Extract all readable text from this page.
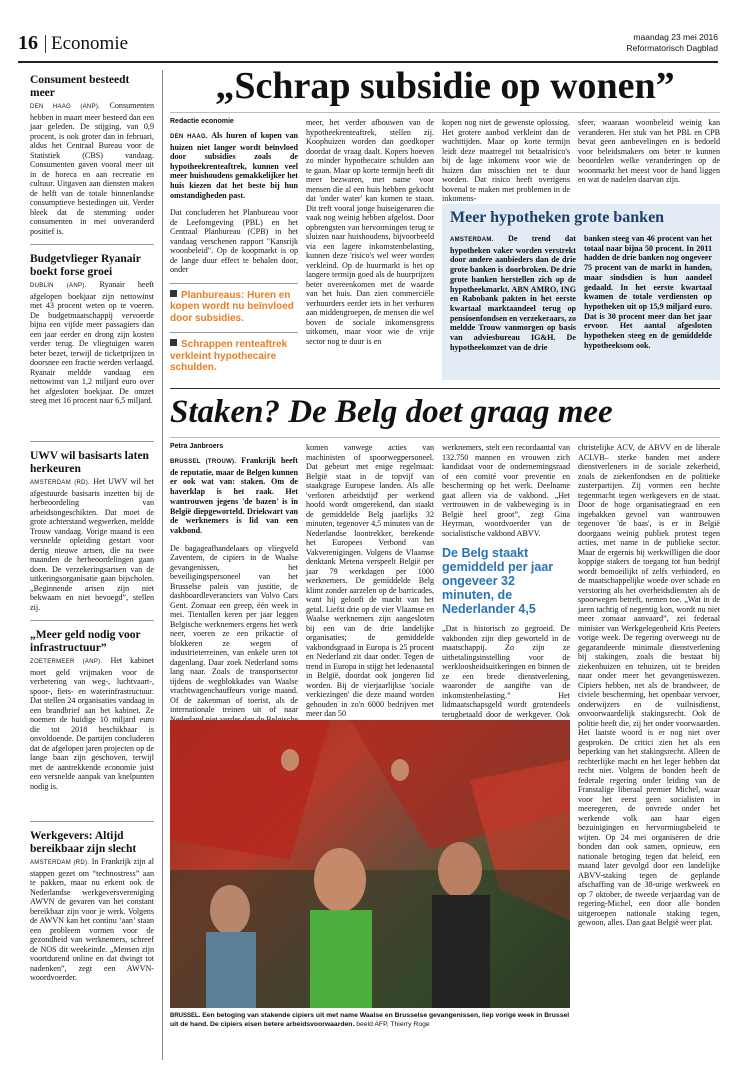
16 Economie	maandag 23 mei 2016
Reformatorisch Dagblad
Consument besteedt meer
DEN HAAG (ANP). Consumenten hebben in maart meer besteed dan een jaar geleden. De stijging, van 0,9 procent, is ook groter dan in februari, aldus het Centraal Bureau voor de Statistiek (CBS) vandaag. Consumenten gaven vooral meer uit in de horeca en aan recreatie en cultuur. Uitgaven aan diensten maken de helft van de totale binnenlandse consumptieve bestedingen uit. Verder bleek dat de stemming onder consumenten in mei onveranderd positief is.
Budgetvlieger Ryanair boekt forse groei
DUBLIN (ANP). Ryanair heeft afgelopen boekjaar zijn nettowinst met 43 procent weten op te voeren. De budgetmaatschappij vervoerde bijna een vijfde meer passagiers dan een jaar eerder en drong zijn kosten verder terug. De vliegtuigen waren beter bezet, terwijl de ticketprijzen in doorsnee een fractie werden verlaagd. Ryanair meldde vandaag een nettowinst van 1,2 miljard euro over het afgesloten boekjaar. De omzet steeg met 16 procent naar 6,5 miljard.
UWV wil basisarts laten herkeuren
AMSTERDAM (RD). Het UWV wil het afgestuurde basisarts inzetten bij de herbeoordeling van arbeidsongeschikten. Dat moet de grote achterstand wegwerken, meldde Trouw vandaag. Vorige maand is een versnelde opleiding gestart voor dertig nieuwe artsen, die na twee maanden de herbeoordelingen gaan doen. De verzekeringsartsen van de uitkeringsorganisatie gaan bijscholen. „Beginnende artsen zijn niet bekwaam en niet bevoegd”, stellen zij.
„Meer geld nodig voor infrastructuur”
ZOETERMEER (ANP). Het kabinet moet geld vrijmaken voor de verbetering van weg-, luchtvaart-, spoor-, fiets- en waterinfrastructuur. Dat stellen 24 organisaties vandaag in een brandbrief aan het kabinet. Ze noemen de huidige 10 miljard euro die tot 2018 beschikbaar is onvoldoende. De partijen concluderen dat de afgelopen jaren projecten op de lange baan zijn geschoven, terwijl met de aantrekkende economie juist een versnelde aanpak van knelpunten nodig is.
Werkgevers: Altijd bereikbaar zijn slecht
AMSTERDAM (RD). In Frankrijk zijn al stappen gezet om “technostress” aan te pakken, maar nu erkent ook de Nederlandse werkgeversvereniging AWVN de gevaren van het constant bereikbaar zijn voor je werk. Volgens de AWVN kan het continu ‘aan’ staan een probleem vormen voor de gezondheid van werknemers, schreef de NOS dit weekeinde. „Mensen zijn voortdurend online en dat dwingt tot nadenken”, zegt een AWVN-woordvoerder.
„Schrap subsidie op wonen”
Redactie economie
DEN HAAG. Als huren of kopen van huizen niet langer wordt beïnvloed door subsidies zoals de hypotheekrenteaftrek, kunnen veel meer huishoudens gemakkelijker het huis kiezen dat het beste bij hun omstandigheden past.
Dat concluderen het Planbureau voor de Leefomgeving (PBL) en het Centraal Planbureau (CPB) in het vandaag verschenen rapport "Kansrijk woonbeleid". Op de koopmarkt is op de lange duur effect te behalen door, onder
Planbureaus: Huren en kopen wordt nu beïnvloed door subsidies.
Schrappen renteaftrek verkleint hypothecaire schulden.
meer, het verder afbouwen van de hypotheekrenteaftrek, stellen zij. Koophuizen worden dan goedkoper doordat de vraag daalt. Kopers hoeven zo minder hypothecaire schulden aan te gaan. Maar op korte termijn heeft dit meer bezwaren, met name voor mensen die al een huis hebben gekocht dat 'onder water' kan komen te staan. Dit treft vooral jonge huiseigenaren die vaak nog weinig hebben afgelost. Door opbrengsten van hervormingen terug te sluizen naar huishoudens, bijvoorbeeld via een lagere inkomstenbelasting, kunnen deze 'risico's wel weer worden verkleind. Op de huurmarkt is het op langere termijn goed als de huurprijzen beter overeenkomen met de waarde van het huis. Dan zien commerciële verhuurders eerder iets in het verhuren aan middengroepen, de mensen die wel boven de sociale inkomensgrens uitkomen, maar voor wie de vrije sector nog te duur is en
kopen nog niet de gewenste oplossing. Het grotere aanbod verkleint dan de wachttijden. Maar op korte termijn leidt deze maatregel tot betaalrisico's bij de lage inkomens voor wie de huizen dan misschien net te duur worden. Dat risico heeft overigens bovenal te maken met problemen in de inkomens-
sfeer, waaraan woonbeleid weinig kan veranderen. Het stuk van het PBL en CPB bevat geen aanbevelingen en is bedoeld voor beleidsmakers om beter te kunnen beoordelen welke veranderingen op de woonmarkt het meest voor de hand liggen en wat de nadelen daarvan zijn.
Meer hypotheken grote banken
AMSTERDAM. De trend dat hypotheken vaker worden verstrekt door andere aanbieders dan de drie grote banken is doorbroken. De drie grote banken herstellen zich op de hypotheekmarkt. ABN AMRO, ING en Rabobank pakten in het eerste kwartaal marktaandeel terug op pensioenfondsen en verzekeraars, zo meldde Trouw vanmorgen op basis van adviesbureau IG&H. De hypotheekomzet van de drie
banken steeg van 46 procent van het totaal naar bijna 50 procent. In 2011 hadden de drie banken nog ongeveer 75 procent van de markt in handen, maar sindsdien is hun aandeel gedaald. In het eerste kwartaal kwamen de totale verdiensten op hypotheken uit op 15,9 miljard euro. Dat is 30 procent meer dan het jaar ervoor. Het aantal afgesloten hypotheken steeg en de gemiddelde hypotheeksom ook.
Staken? De Belg doet graag mee
Petra Janbroers
BRUSSEL (TROUW). Frankrijk heeft de reputatie, maar de Belgen kunnen er ook wat van: staken. Om de haverklap is het raak. Het wantrouwen jegens 'de bazen' is in België diepgeworteld. Driekwart van de werknemers is lid van een vakbond.
De bagageafhandelaars op vliegveld Zaventem, de cipiers in de Waalse gevangenissen, het beveiligingspersoneel van het Brusselse paleis van justitie, de dashboardleveranciers van Volvo Cars Gent. Zomaar een greep, één week in mei. Tientallen keren per jaar leggen Belgische werknemers ergens het werk neer, voeren ze een prikactie of blokkeren ze wegen of industrieterreinen, van enkele uren tot dagenlang. Daar zoek Nederland soms lang naar. Zoals de transportsector tijdens de wegblokkades van Waalse vrachtwagenchauffeurs vorige maand. Of de zakenman of toerist, als de internationale treinen uit of naar
komen vanwege acties van machinisten of spoorwegpersoneel. Dat gebeurt met enige regelmaat: België staat in de topvijf van staakgrage Europese landen. Als alle 'verloren arbeidstijd' per werkend hoofd wordt omgerekend, dan staakt de gemiddelde Belg jaarlijks 32 minuten, tegenover 4,5 minuten van de Nederlandse loontrekker, berekende het Europees Verbond van Vakverenigingen. Volgens de Vlaamse denktank Metena verspeelt België per jaar 79 werkdagen per 1000 werknemers. De gemiddelde Belg klimt zonder aarzelen op de barricades, want hij gelooft de macht van het getal. Liefst drie op de vier Vlaamse en Waalse werknemers zijn aangesloten bij een van de drie landelijke organisaties; de gemiddelde vakbondsgraad in Europa is 25 procent en Nederland zit daar onder. Tegen de trend in Europa in stijgt het ledenaantal in België, doordat ook jongeren lid worden. Bij de vierjaarlijkse 'sociale verkiezingen' die deze maand worden gehouden in zo'n 6000 bedrijven met meer dan 50
werknemers, stelt een recordaantal van 132.750 mannen en vrouwen zich kandidaat voor de ondernemingsraad of een comité voor preventie en bescherming op het werk. Deelname gaat alleen via de vakbond. „Het vertrouwen in de vakbeweging is in België heel groot”, zegt Gina Heyrman, woordvoerder van de socialistische vakbond ABVV.
De Belg staakt gemiddeld per jaar ongeveer 32 minuten, de Nederlander 4,5
„Dat is historisch zo gegroeid. De vakbonden zijn diep geworteld in de maatschappij. Zo zijn ze uitbetalingsinstelling voor de werkloosheidsuitkeringen en binnen de ze een brede dienstverlening, waaronder de aangifte van de inkomstenbelasting.” Het lidmaatschapsgeld wordt grotendeels terugbetaald door de werkgever. Ook
christelijke ACV, de ABVV en de liberale ACLVB– sterke banden met andere dienstverleners in de sociale zekerheid, zoals de ziekenfondsen en de politieke zusterpartijen. Zij vormen een hechte tegenmacht tegen werkgevers en de staat. Door de hoge organisatiegraad en een ingebakken gevoel van wantrouwen tegenover 'de baas', is er in België doorgaans weinig publiek protest tegen acties, met name in de publieke sector. Maar de ergernis bij werkwilligen die door koppige stakers de toegang tot hun bedrijf wordt bemoeilijkt of zelfs verhinderd, en de maatschappelijke woede over schade en verstoring als het overheidsdiensten als de spoorwegen betreft, nemen toe. „Wat in de jaren tachtig of negentig kon, wordt nu niet meer zomaar aanvaard”, zei federaal minister van Werkgelegenheid Kris Peeters vorige week. De regering overweegt nu de gegarandeerde minimale dienstverlening bij stakingen, zoals die bestaat bij ziekenhuizen en tehuizen, uit te breiden naar onder meer het gevangeniswezen. Cipiers hebben, net als de brandweer, de civiele bescherming, het openbaar vervoer, onderwijzers en de vuilnisdienst, onvoorwaardelijk stakingsrecht. Ook de politie heeft die, zij het onder voorwaarden. Het laatste woord is er nog niet over gesproken. De critici zien het als een beperking van het stakingsrecht. Alleen de rechterlijke macht en het leger hebben dat recht niet. Volgens de bonden heeft de federale regering onder leiding van de Franstalige liberaal premier Michel, waar voor het eerst geen socialisten in meeregeren, de onvrede onder het werkende volk aan haar eigen bezuinigingen en hervormingsbeleid te wijten. Op 24 mei organiseren de drie bonden dan ook samen, opnieuw, een nationale betoging tegen dat beleid, een maand later gevolgd door een landelijke ABVV-staking tegen de geplande afschaffing van de 38-urige werkweek en op 7 oktober, de tweede verjaardag van de regering-Michel, een door alle bonden uitgeroepen nationale staking tegen, gewoon, alles. Dan gaat België weer plat.
BRUSSEL. Een betoging van stakende cipiers uit met name Waalse en Brusselse gevangenissen, liep vorige week in Brussel uit de hand. De cipiers eisen betere arbeidsvoorwaarden. beeld AFP, Thierry Roge
